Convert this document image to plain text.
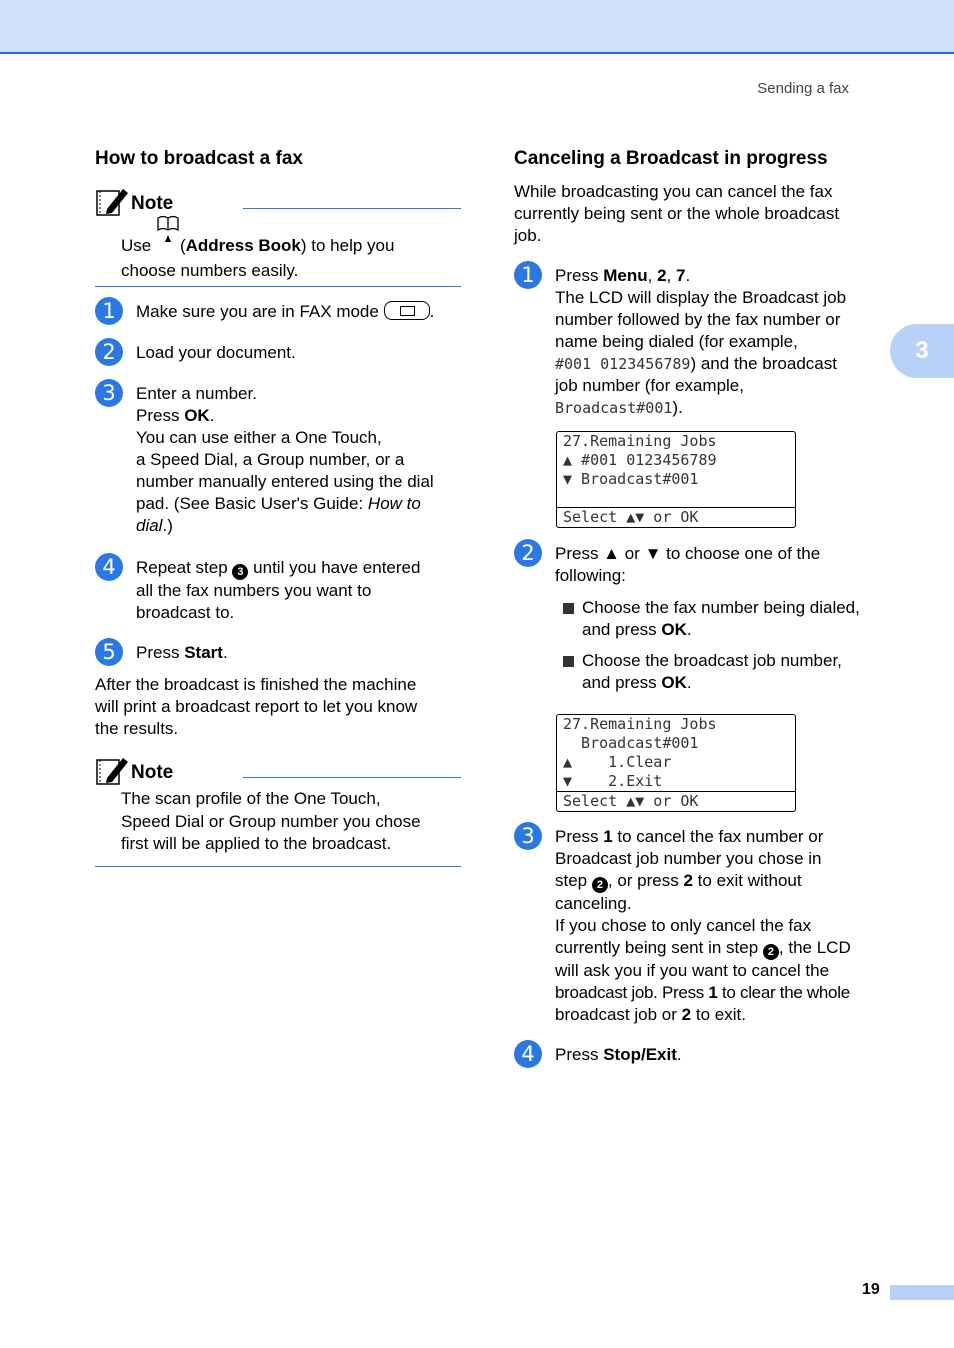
Sending a fax
3
19
How to broadcast a fax
Note
Use (Address Book) to help you
choose numbers easily.
1	Make sure you are in FAX mode	.
2	Load your document.
3	Enter a number.
Press OK.
You can use either a One Touch,
a Speed Dial, a Group number, or a
number manually entered using the dial
pad. (See Basic User's Guide: How to
dial.)
4	Repeat step 3 until you have entered
all the fax numbers you want to
broadcast to.
5	Press Start.

After the broadcast is finished the machine

will print a broadcast report to let you know

the results.

Note
The scan profile of the One Touch,
Speed Dial or Group number you chose
first will be applied to the broadcast.
Canceling a Broadcast in progress

While broadcasting you can cancel the fax

currently being sent or the whole broadcast

job.

1	Press Menu, 2, 7.
The LCD will display the Broadcast job
number followed by the fax number or
name being dialed (for example,
#001 0123456789) and the broadcast
job number (for example,
Broadcast#001).
27.Remaining Jobs
▲ #001 0123456789
▼ Broadcast#001
Select ▲▼ or OK
2	Press ▲ or ▼ to choose one of the
following:
Choose the fax number being dialed,
and press OK.
Choose the broadcast job number,
and press OK.
27.Remaining Jobs
Broadcast#001
▲    1.Clear
▼    2.Exit
Select ▲▼ or OK
3	Press 1 to cancel the fax number or
Broadcast job number you chose in
step 2 , or press 2 to exit without
canceling.
If you chose to only cancel the fax
currently being sent in step 2 , the LCD
will ask you if you want to cancel the
broadcast job. Press 1 to clear the whole
broadcast job or 2 to exit.
4	Press Stop/Exit.
